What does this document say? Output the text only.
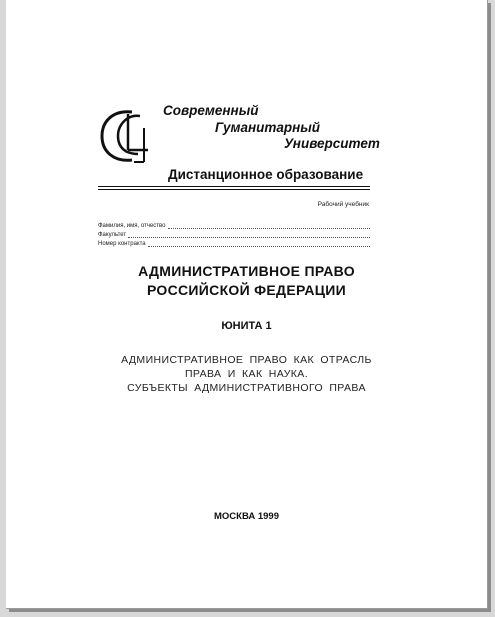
Современный
Гуманитарный
Университет
Дистанционное образование
Рабочий учебник
Фамилия, имя, отчество
Факультет
Номер контракта
АДМИНИСТРАТИВНОЕ ПРАВО
РОССИЙСКОЙ ФЕДЕРАЦИИ
ЮНИТА 1
АДМИНИСТРАТИВНОЕ ПРАВО КАК ОТРАСЛЬ
ПРАВА И КАК НАУКА.
СУБЪЕКТЫ АДМИНИСТРАТИВНОГО ПРАВА
МОСКВА 1999
